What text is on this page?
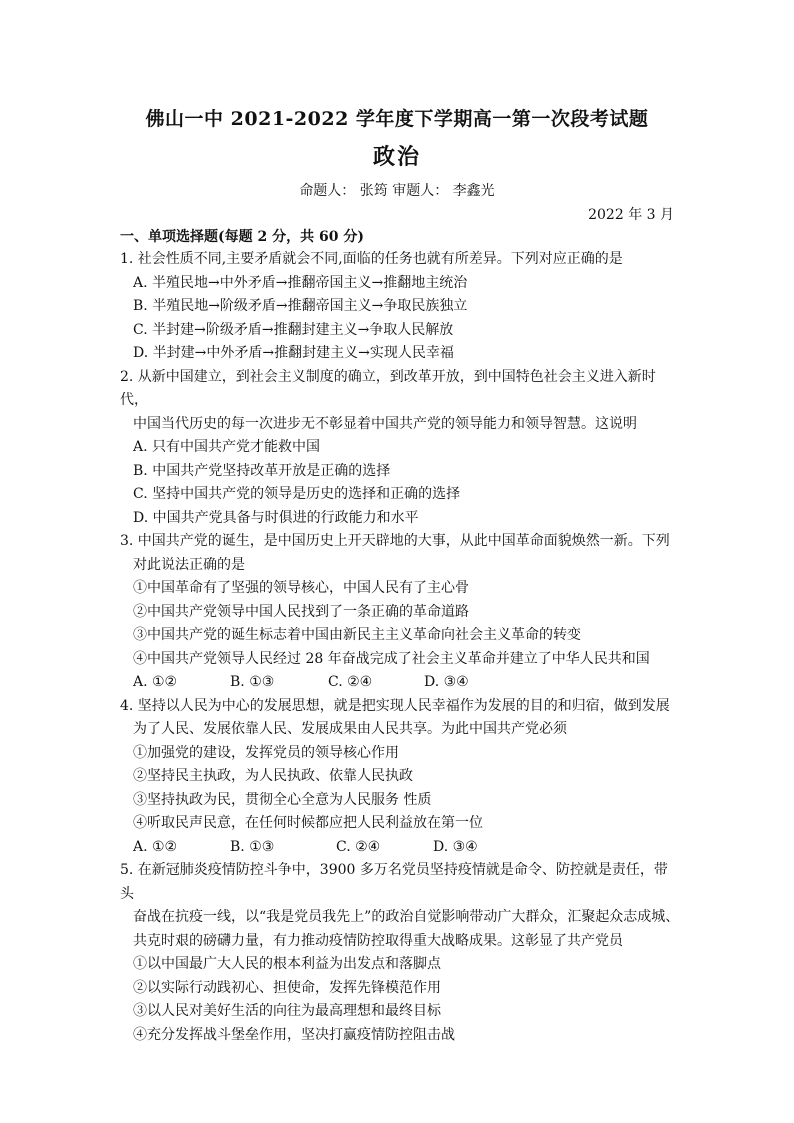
佛山一中 2021-2022 学年度下学期高一第一次段考试题
政治
命题人： 张筠 审题人： 李鑫光
2022 年 3 月
一、单项选择题(每题 2 分，共 60 分)
1. 社会性质不同,主要矛盾就会不同,面临的任务也就有所差异。下列对应正确的是
A. 半殖民地→中外矛盾→推翻帝国主义→推翻地主统治
B. 半殖民地→阶级矛盾→推翻帝国主义→争取民族独立
C. 半封建→阶级矛盾→推翻封建主义→争取人民解放
D. 半封建→中外矛盾→推翻封建主义→实现人民幸福
2. 从新中国建立，到社会主义制度的确立，到改革开放，到中国特色社会主义进入新时代，
中国当代历史的每一次进步无不彰显着中国共产党的领导能力和领导智慧。这说明
A. 只有中国共产党才能救中国
B. 中国共产党坚持改革开放是正确的选择
C. 坚持中国共产党的领导是历史的选择和正确的选择
D. 中国共产党具备与时俱进的行政能力和水平
3. 中国共产党的诞生，是中国历史上开天辟地的大事，从此中国革命面貌焕然一新。下列
对此说法正确的是
①中国革命有了坚强的领导核心，中国人民有了主心骨
②中国共产党领导中国人民找到了一条正确的革命道路
③中国共产党的诞生标志着中国由新民主主义革命向社会主义革命的转变
④中国共产党领导人民经过 28 年奋战完成了社会主义革命并建立了中华人民共和国
A. ①②	B. ①③	C. ②④	D. ③④
4. 坚持以人民为中心的发展思想，就是把实现人民幸福作为发展的目的和归宿，做到发展
为了人民、发展依靠人民、发展成果由人民共享。为此中国共产党必须
①加强党的建设，发挥党员的领导核心作用
②坚持民主执政，为人民执政、依靠人民执政
③坚持执政为民，贯彻全心全意为人民服务 性质
④听取民声民意，在任何时候都应把人民利益放在第一位
A. ①②	B. ①③	C. ②④	D. ③④
5. 在新冠肺炎疫情防控斗争中，3900 多万名党员坚持疫情就是命令、防控就是责任，带头
奋战在抗疫一线，以“我是党员我先上”的政治自觉影响带动广大群众，汇聚起众志成城、
共克时艰的磅礴力量，有力推动疫情防控取得重大战略成果。这彰显了共产党员
①以中国最广大人民的根本利益为出发点和落脚点
②以实际行动践初心、担使命，发挥先锋模范作用
③以人民对美好生活的向往为最高理想和最终目标
④充分发挥战斗堡垒作用，坚决打赢疫情防控阻击战
